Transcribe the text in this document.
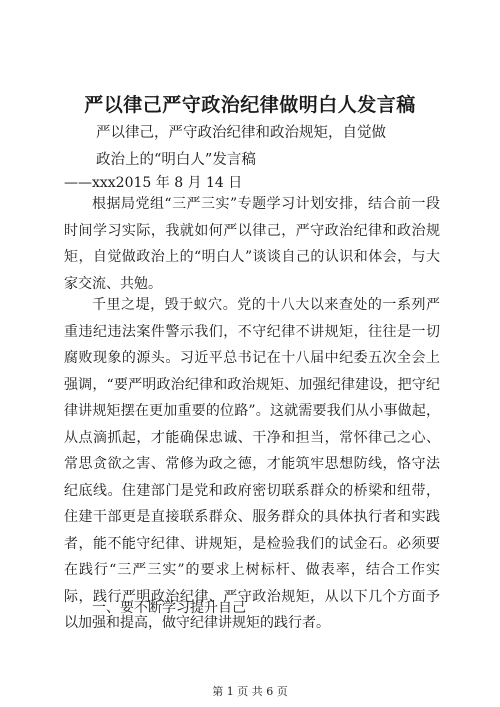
严以律己严守政治纪律做明白人发言稿

严以律己，严守政治纪律和政治规矩，自觉做

政治上的“明白人”发言稿

——xxx2015 年 8 月 14 日

根据局党组“三严三实”专题学习计划安排，结合前一段时间学习实际，我就如何严以律己，严守政治纪律和政治规矩，自觉做政治上的“明白人”谈谈自己的认识和体会，与大家交流、共勉。

千里之堤，毁于蚁穴。党的十八大以来查处的一系列严重违纪违法案件警示我们，不守纪律不讲规矩，往往是一切腐败现象的源头。习近平总书记在十八届中纪委五次全会上强调，“要严明政治纪律和政治规矩、加强纪律建设，把守纪律讲规矩摆在更加重要的位路”。这就需要我们从小事做起，从点滴抓起，才能确保忠诚、干净和担当，常怀律己之心、常思贪欲之害、常修为政之德，才能筑牢思想防线，恪守法纪底线。住建部门是党和政府密切联系群众的桥梁和纽带，住建干部更是直接联系群众、服务群众的具体执行者和实践者，能不能守纪律、讲规矩，是检验我们的试金石。必须要在践行“三严三实”的要求上树标杆、做表率，结合工作实际，践行严明政治纪律、严守政治规矩，从以下几个方面予以加强和提高，做守纪律讲规矩的践行者。

一、要不断学习提升自己

第 1 页 共 6 页
